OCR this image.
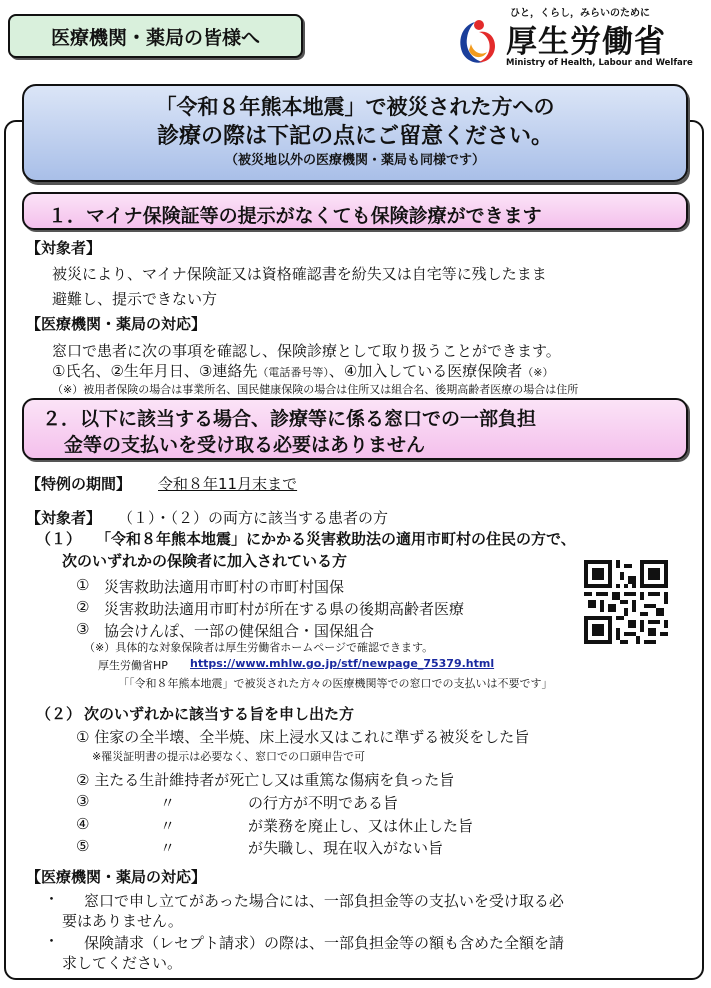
医療機関・薬局の皆様へ
ひと，くらし，みらいのために
厚生労働省
Ministry of Health, Labour and Welfare
「令和８年熊本地震」で被災された方への
診療の際は下記の点にご留意ください。
（被災地以外の医療機関・薬局も同様です）
１．マイナ保険証等の提示がなくても保険診療ができます
【対象者】
被災により、マイナ保険証又は資格確認書を紛失又は自宅等に残したまま
避難し、提示できない方
【医療機関・薬局の対応】
窓口で患者に次の事項を確認し、保険診療として取り扱うことができます。
①氏名、②生年月日、③連絡先（電話番号等）、④加入している医療保険者（※）
（※）被用者保険の場合は事業所名、国民健康保険の場合は住所又は組合名、後期高齢者医療の場合は住所
２．以下に該当する場合、診療等に係る窓口での一部負担
金等の支払いを受け取る必要はありません
【特例の期間】 令和８年11月末まで
【対象者】 （１）・（２）の両方に該当する患者の方
（１） 「令和８年熊本地震」にかかる災害救助法の適用市町村の住民の方で、
次のいずれかの保険者に加入されている方
① 災害救助法適用市町村の市町村国保
② 災害救助法適用市町村が所在する県の後期高齢者医療
③ 協会けんぽ、一部の健保組合・国保組合
（※）具体的な対象保険者は厚生労働省ホームページで確認できます。
厚生労働省HP https://www.mhlw.go.jp/stf/newpage_75379.html
「「令和８年熊本地震」で被災された方々の医療機関等での窓口での支払いは不要です」
（２） 次のいずれかに該当する旨を申し出た方
① 住家の全半壊、全半焼、床上浸水又はこれに準ずる被災をした旨
※罹災証明書の提示は必要なく、窓口での口頭申告で可
② 主たる生計維持者が死亡し又は重篤な傷病を負った旨
③	〃	の行方が不明である旨
④	〃	が業務を廃止し、又は休止した旨
⑤	〃	が失職し、現在収入がない旨
【医療機関・薬局の対応】
・ 窓口で申し立てがあった場合には、一部負担金等の支払いを受け取る必
要はありません。
・ 保険請求（レセプト請求）の際は、一部負担金等の額も含めた全額を請
求してください。
